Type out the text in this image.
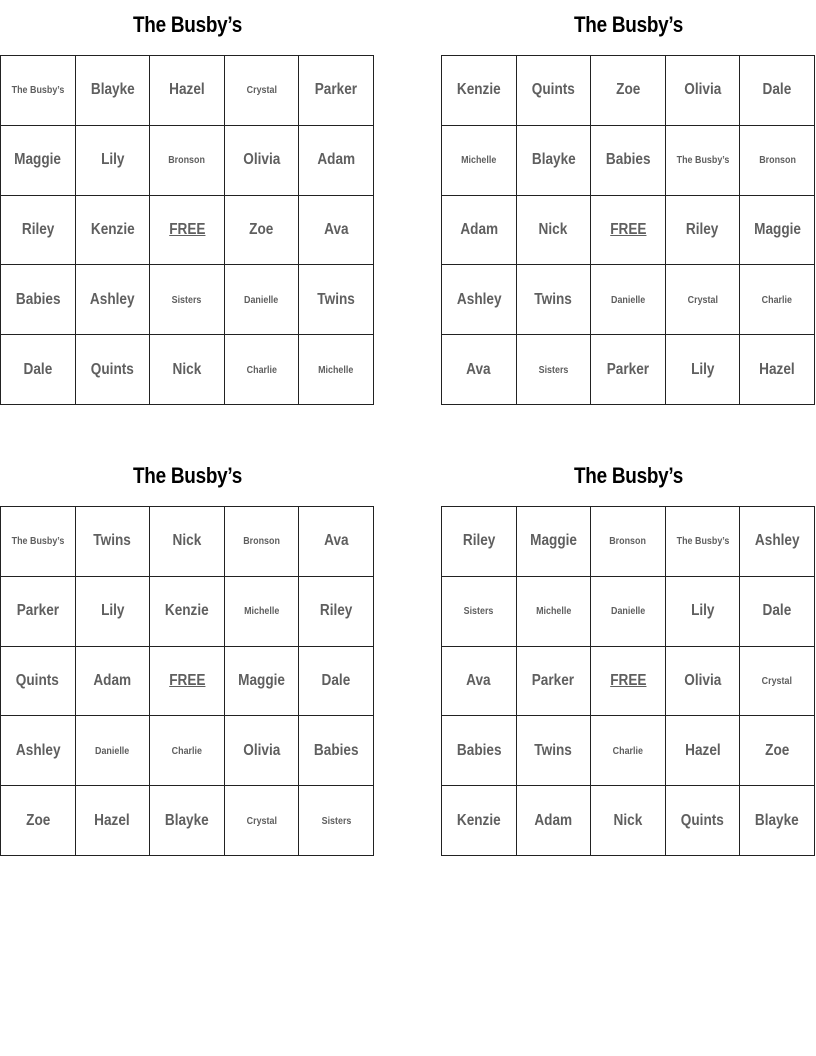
The Busby’s
The Busby’s Blayke Hazel	Crystal Parker
Maggie Lily	Bronson Olivia Adam
Riley Kenzie FREE	Zoe	Ava
Babies Ashley	Sisters	Danielle Twins
Dale Quints Nick	Charlie	Michelle
The Busby’s
Kenzie Quints	Zoe	Olivia	Dale
Michelle Blayke Babies The Busby’s	Bronson
Adam	Nick	FREE	Riley Maggie
Ashley Twins	Danielle	Crystal	Charlie
Ava	Sisters Parker	Lily	Hazel
The Busby’s
The Busby’s Twins	Nick	Bronson	Ava
Parker	Lily	Kenzie	Michelle	Riley
Quints Adam FREE Maggie Dale
Ashley	Danielle	Charlie	Olivia Babies
Zoe	Hazel Blayke	Crystal	Sisters
The Busby’s
Riley Maggie	Bronson	The Busby’s Ashley
Sisters	Michelle	Danielle	Lily	Dale
Ava	Parker FREE Olivia	Crystal
Babies Twins	Charlie	Hazel	Zoe
Kenzie Adam	Nick Quints Blayke
